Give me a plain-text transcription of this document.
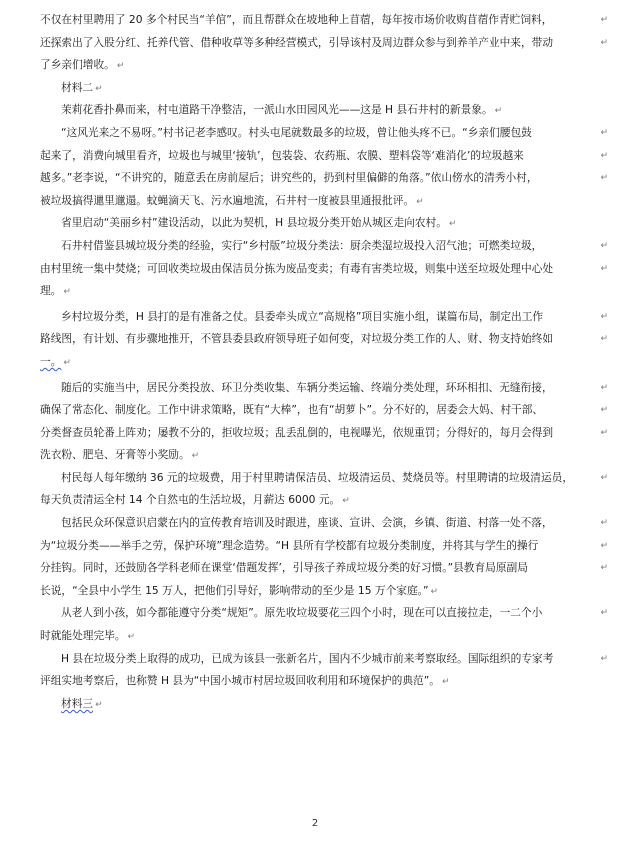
不仅在村里聘用了 20 多个村民当“羊倌”，而且帮群众在坡地种上苜蓿，每年按市场价收购苜蓿作青贮饲料，	↵
还探索出了入股分红、托养代管、借种收草等多种经营模式，引导该村及周边群众参与到养羊产业中来，带动	↵
了乡亲们增收。 ↵
材料二 ↵
茉莉花香扑鼻而来，村屯道路干净整洁，一派山水田园风光——这是 H 县石井村的新景象。 ↵
“这风光来之不易呀。”村书记老李感叹。村头屯尾就数最多的垃圾，曾让他头疼不已。“乡亲们腰包鼓	↵
起来了，消费向城里看齐，垃圾也与城里‘接轨’，包装袋、农药瓶、农膜、塑料袋等‘难消化’的垃圾越来	↵
越多。”老李说，“不讲究的，随意丢在房前屋后；讲究些的，扔到村里偏僻的角落。”依山傍水的清秀小村，	↵
被垃圾搞得邋里邋遢。蚊蝇滴天飞、污水遍地流，石井村一度被县里通报批评。 ↵
省里启动“美丽乡村”建设活动，以此为契机，H 县垃圾分类开始从城区走向农村。 ↵
石井村借鉴县城垃圾分类的经验，实行“乡村版”垃圾分类法：厨余类湿垃圾投入沼气池；可燃类垃圾，	↵
由村里统一集中焚烧；可回收类垃圾由保洁员分拣为废品变卖；有毒有害类垃圾，则集中送至垃圾处理中心处	↵
理。 ↵
乡村垃圾分类，H 县打的是有准备之仗。县委牵头成立“高规格”项目实施小组，谋篇布局，制定出工作	↵
路线图，有计划、有步骤地推开，不管县委县政府领导班子如何变，对垃圾分类工作的人、财、物支持始终如	↵
一。 ↵
随后的实施当中，居民分类投放、环卫分类收集、车辆分类运输、终端分类处理，环环相扣、无缝衔接，	↵
确保了常态化、制度化。工作中讲求策略，既有“大棒”，也有“胡萝卜”。分不好的，居委会大妈、村干部、	↵
分类督查员轮番上阵劝；屡教不分的，拒收垃圾；乱丢乱倒的，电视曝光，依规重罚；分得好的，每月会得到	↵
洗衣粉、肥皂、牙膏等小奖励。 ↵
村民每人每年缴纳 36 元的垃圾费，用于村里聘请保洁员、垃圾清运员、焚烧员等。村里聘请的垃圾清运员，	↵
每天负责清运全村 14 个自然屯的生活垃圾，月薪达 6000 元。 ↵
包括民众环保意识启蒙在内的宣传教育培训及时跟进，座谈、宣讲、会演，乡镇、街道、村落一处不落，	↵
为“垃圾分类——举手之劳，保护环境”理念造势。“H 县所有学校都有垃圾分类制度，并将其与学生的操行	↵
分挂钩。同时，还鼓励各学科老师在课堂‘借题发挥’，引导孩子养成垃圾分类的好习惯。”县教育局原副局	↵
长说，“全县中小学生 15 万人，把他们引导好，影响带动的至少是 15 万个家庭。” ↵
从老人到小孩，如今都能遵守分类“规矩”。原先收垃圾要花三四个小时，现在可以直接拉走，一二个小	↵
时就能处理完毕。 ↵
H 县在垃圾分类上取得的成功，已成为该县一张新名片，国内不少城市前来考察取经。国际组织的专家考	↵
评组实地考察后，也称赞 H 县为“中国小城市村居垃圾回收利用和环境保护的典范”。 ↵
材料三 ↵
2
